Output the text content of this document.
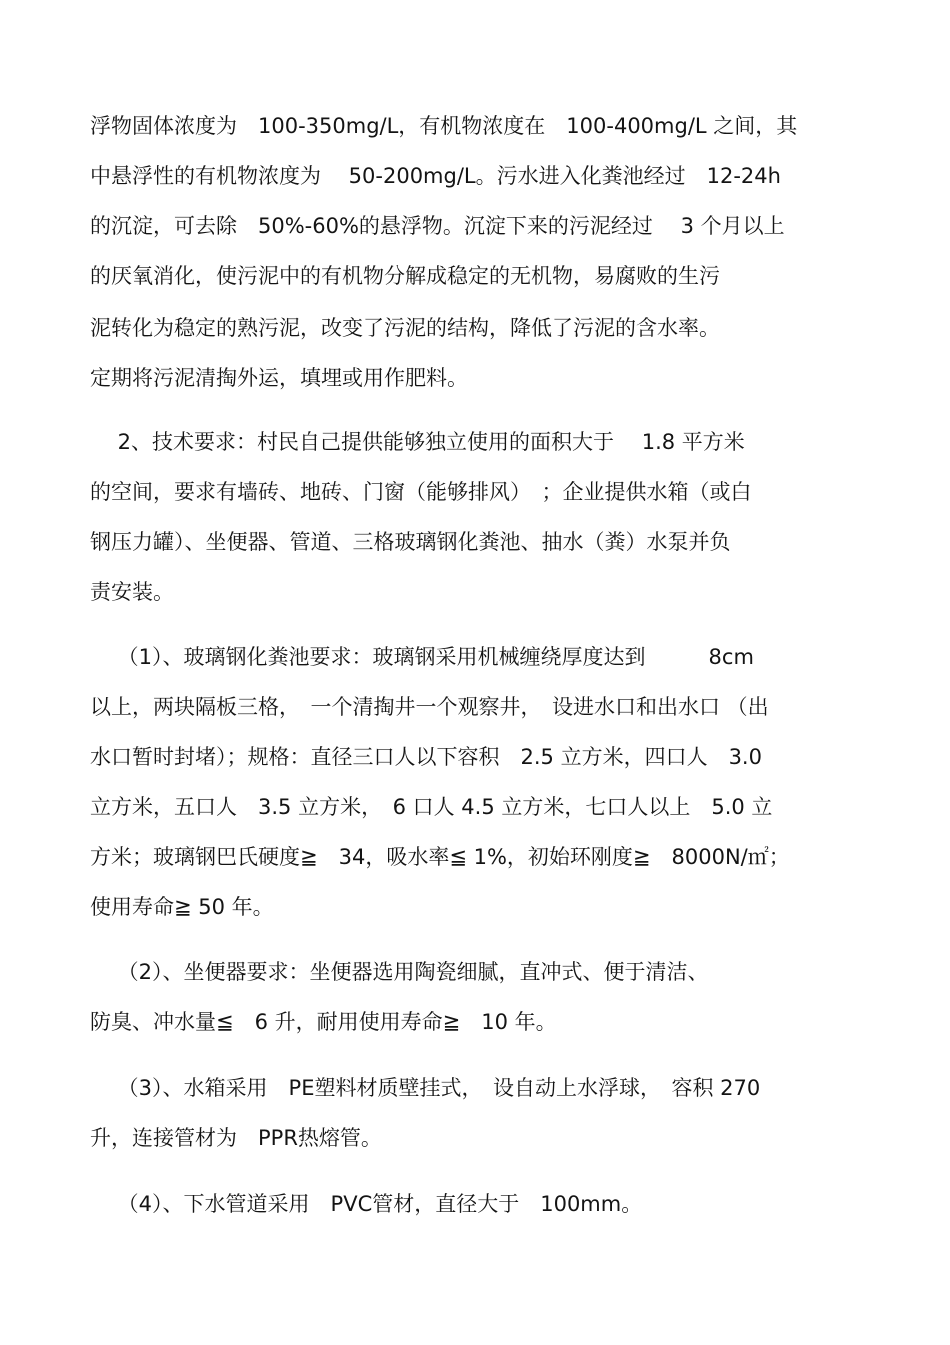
浮物固体浓度为　100-350mg/L，有机物浓度在　100-400mg/L 之间，其
中悬浮性的有机物浓度为　 50-200mg/L。污水进入化粪池经过　12-24h
的沉淀，可去除　50%-60%的悬浮物。沉淀下来的污泥经过　 3 个月以上
的厌氧消化，使污泥中的有机物分解成稳定的无机物，易腐败的生污
泥转化为稳定的熟污泥，改变了污泥的结构，降低了污泥的含水率。
定期将污泥清掏外运，填埋或用作肥料。
　 2、技术要求：村民自己提供能够独立使用的面积大于　 1.8 平方米
的空间，要求有墙砖、地砖、门窗（能够排风）　；企业提供水箱（或白
钢压力罐）、坐便器、管道、三格玻璃钢化粪池、抽水（粪）水泵并负
责安装。
　 （1）、玻璃钢化粪池要求：玻璃钢采用机械缠绕厚度达到　　　8cm
以上，两块隔板三格，　一个清掏井一个观察井，　设进水口和出水口 （出
水口暂时封堵）；规格：直径三口人以下容积　2.5 立方米，四口人　3.0
立方米，五口人　3.5 立方米，　6 口人 4.5 立方米，七口人以上　5.0 立
方米；玻璃钢巴氏硬度≧　34，吸水率≦ 1%，初始环刚度≧　8000N/㎡；
使用寿命≧ 50 年。
　 （2）、坐便器要求：坐便器选用陶瓷细腻，直冲式、便于清洁、
防臭、冲水量≦　6 升，耐用使用寿命≧　10 年。
　 （3）、水箱采用　PE塑料材质壁挂式，　设自动上水浮球，　容积 270
升，连接管材为　PPR热熔管。
　 （4）、下水管道采用　PVC管材，直径大于　100mm。
